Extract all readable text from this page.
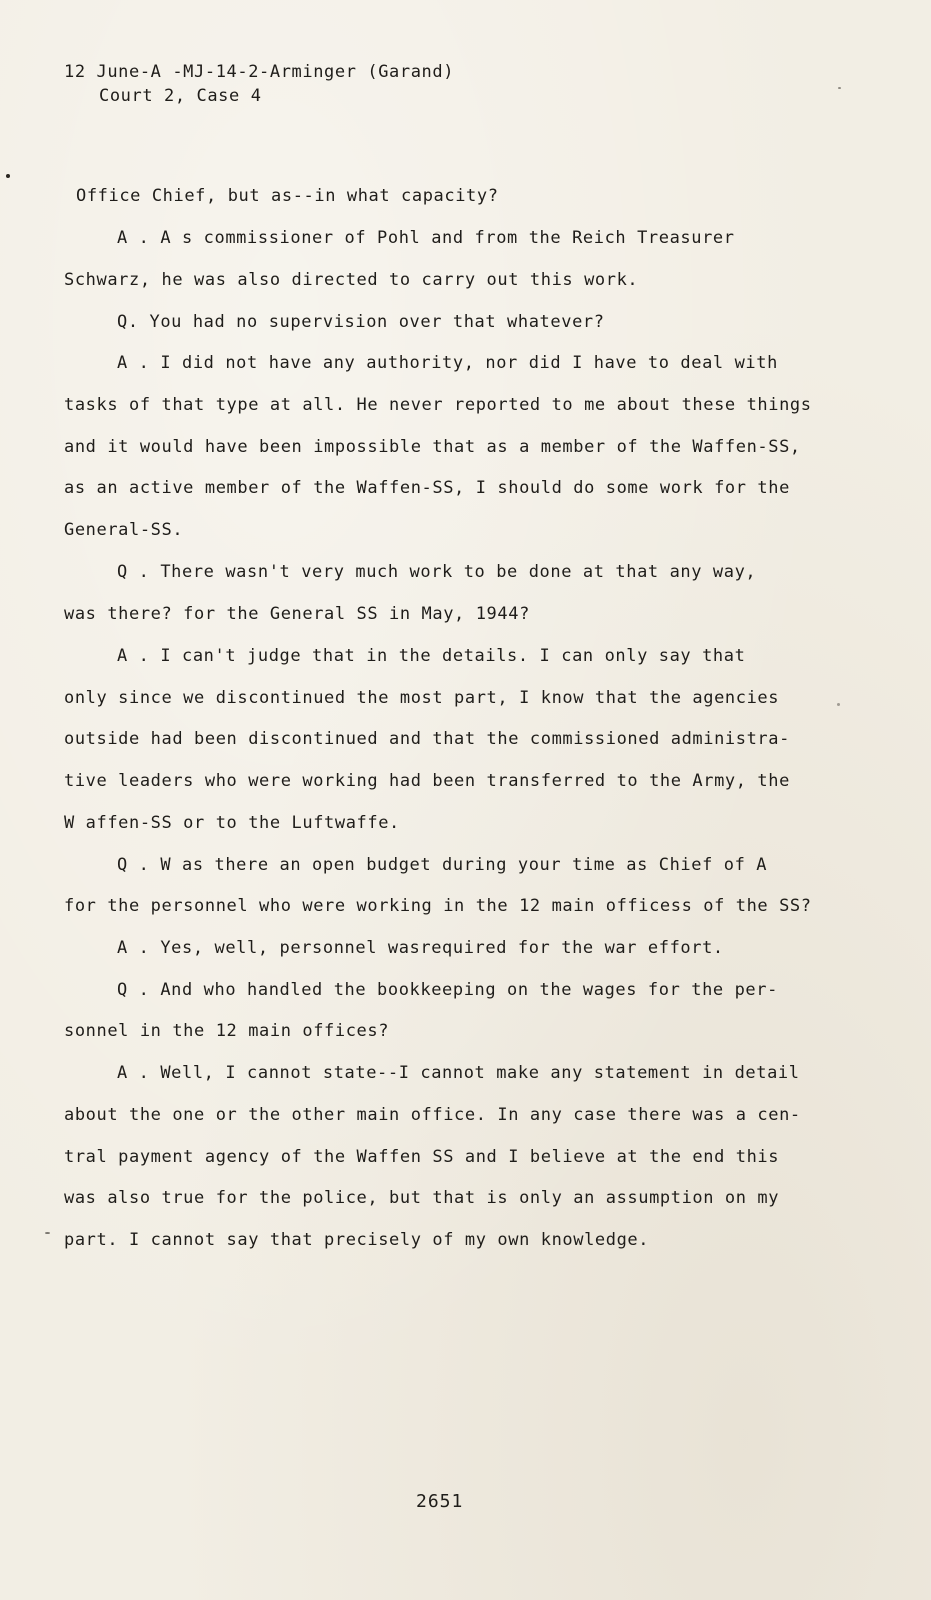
12 June-A -MJ-14-2-Arminger (Garand)
Court 2, Case 4
Office Chief, but as--in what capacity?
A . A s commissioner of Pohl and from the Reich Treasurer
Schwarz, he was also directed to carry out this work.
Q. You had no supervision over that whatever?
A . I did not have any authority, nor did I have to deal with
tasks of that type at all. He never reported to me about these things
and it would have been impossible that as a member of the Waffen-SS,
as an active member of the Waffen-SS, I should do some work for the
General-SS.
Q . There wasn't very much work to be done at that any way,
was there? for the General SS in May, 1944?
A . I can't judge that in the details. I can only say that
only since we discontinued the most part, I know that the agencies
outside had been discontinued and that the commissioned administra-
tive leaders who were working had been transferred to the Army, the
W affen-SS or to the Luftwaffe.
Q . W as there an open budget during your time as Chief of A
for the personnel who were working in the 12 main officess of the SS?
A . Yes, well, personnel wasrequired for the war effort.
Q . And who handled the bookkeeping on the wages for the per-
sonnel in the 12 main offices?
A . Well, I cannot state--I cannot make any statement in detail
about the one or the other main office. In any case there was a cen-
tral payment agency of the Waffen SS and I believe at the end this
was also true for the police, but that is only an assumption on my
part. I cannot say that precisely of my own knowledge.
2651
